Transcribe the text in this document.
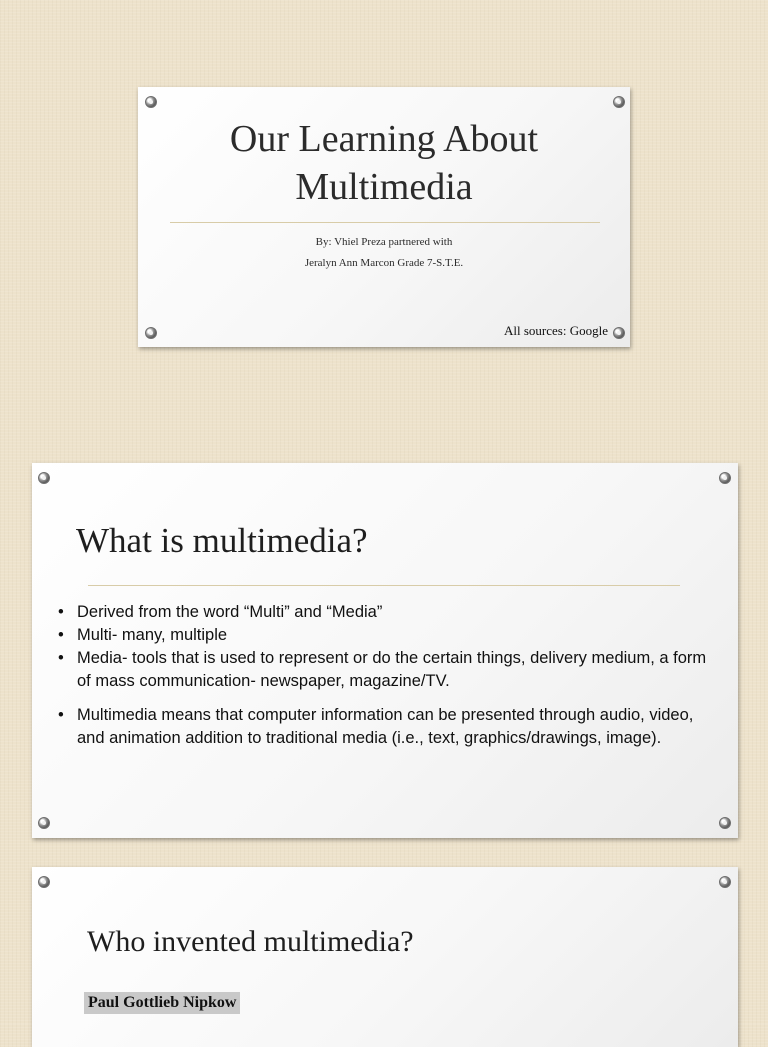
Our Learning About
Multimedia
By: Vhiel Preza partnered with
Jeralyn Ann Marcon Grade 7-S.T.E.
All sources: Google
What is multimedia?
• Derived from the word “Multi” and “Media”
• Multi- many, multiple
• Media- tools that is used to represent or do the certain things, delivery medium, a form of mass communication- newspaper, magazine/TV.
• Multimedia means that computer information can be presented through audio, video, and animation addition to traditional media (i.e., text, graphics/drawings, image).
Who invented multimedia?
Paul Gottlieb Nipkow
